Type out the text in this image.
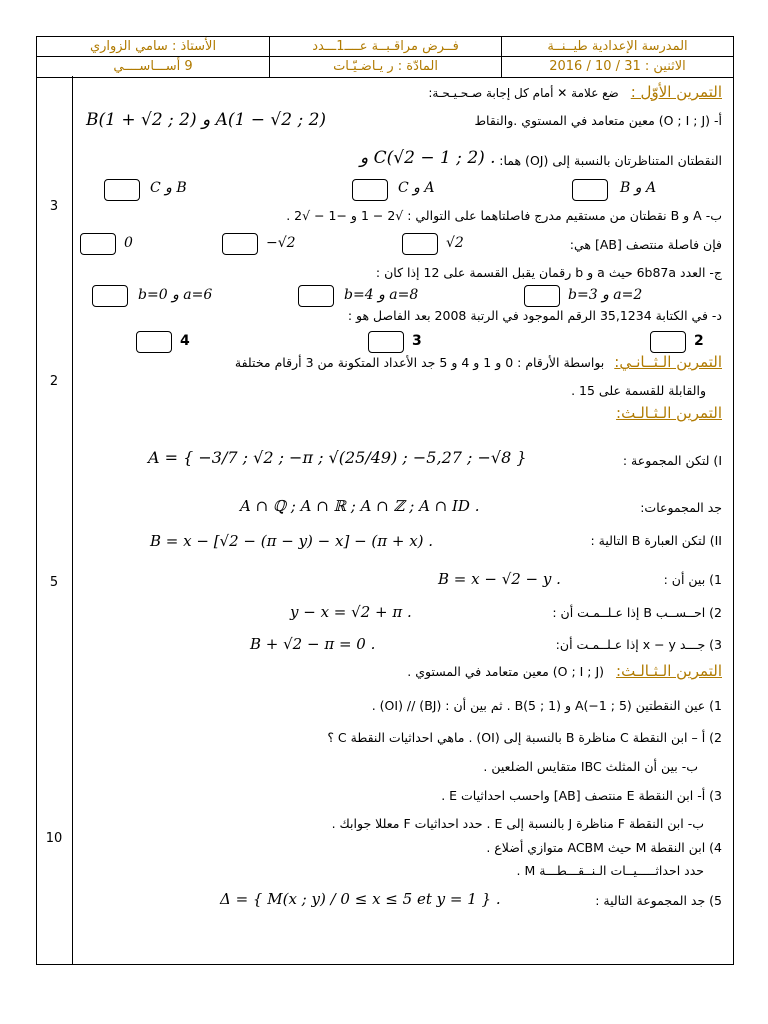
المدرسة الإعدادية طيــنــة
فــرض مراقـبــة عــــ1ـــدد
الأستاذ : سامي الزواري
الاثنين : 31 / 10 / 2016
المادّة : ر يـاضـيّـات
9 أســـاســــي
3
2
5
10
التمرين الأوّل : ضع علامة ✕ أمام كل إجابة صـحـيـحـة:
أ- (O ; I ; J) معين متعامد في المستوي .والنقاط
B(1 + √2 ; 2) و A(1 − √2 ; 2)
النقطتان المتناظرتان بالنسبة إلى (OJ) هما:
و C(√2 − 1 ; 2) .
C و B	C و A	B و A
ب- A و B نقطتان من مستقيم مدرج فاصلتاهما على التوالي : √2 − 1 و −1 − √2 .
فإن فاصلة منتصف [AB] هي:
0	−√2	√2
ج- العدد 6b87a حيث a و b رقمان يقبل القسمة على 12 إذا كان :
b=0 و a=6	b=4 و a=8	b=3 و a=2
د- في الكتابة 35,1234 الرقم الموجود في الرتبة 2008 بعد الفاصل هو :
4	3	2
التمرين الـثــانـي: بواسطة الأرقام : 0 و 1 و 4 و 5 جد الأعداد المتكونة من 3 أرقام مختلفة
والقابلة للقسمة على 15 .
التمرين الـثـالـث:
I) لتكن المجموعة :
A = { −3/7 ; √2 ; −π ; √(25/49) ; −5,27 ; −√8 }
جد المجموعات:
A ∩ ℚ ; A ∩ ℝ ; A ∩ ℤ ; A ∩ ID .
II) لتكن العبارة B التالية :
B = x − [√2 − (π − y) − x] − (π + x) .
1) بين أن :
B = x − √2 − y .
2) احــســب B إذا عـلــمـت أن :
y − x = √2 + π .
3) جـــد x − y إذا عـلــمـت أن:
B + √2 − π = 0 .
التمرين الـثـالـث: (O ; I ; J) معين متعامد في المستوي .
1) عين النقطتين A(−1 ; 5) و B(5 ; 1) . ثم بين أن : (BJ) // (OI) .
2) أ – ابن النقطة C مناظرة B بالنسبة إلى (OI) . ماهي احداثيات النقطة C ؟
ب- بين أن المثلث IBC متقايس الضلعين .
3) أ- ابن النقطة E منتصف [AB] واحسب احداثيات E .
ب- ابن النقطة F مناظرة J بالنسبة إلى E . حدد احداثيات F معللا جوابك .
4) ابن النقطة M حيث ACBM متوازي أضلاع .
حدد احداثـــــيــات الـنــقـــطـــة M .
5) جد المجموعة التالية :
Δ = { M(x ; y) / 0 ≤ x ≤ 5 et y = 1 } .
